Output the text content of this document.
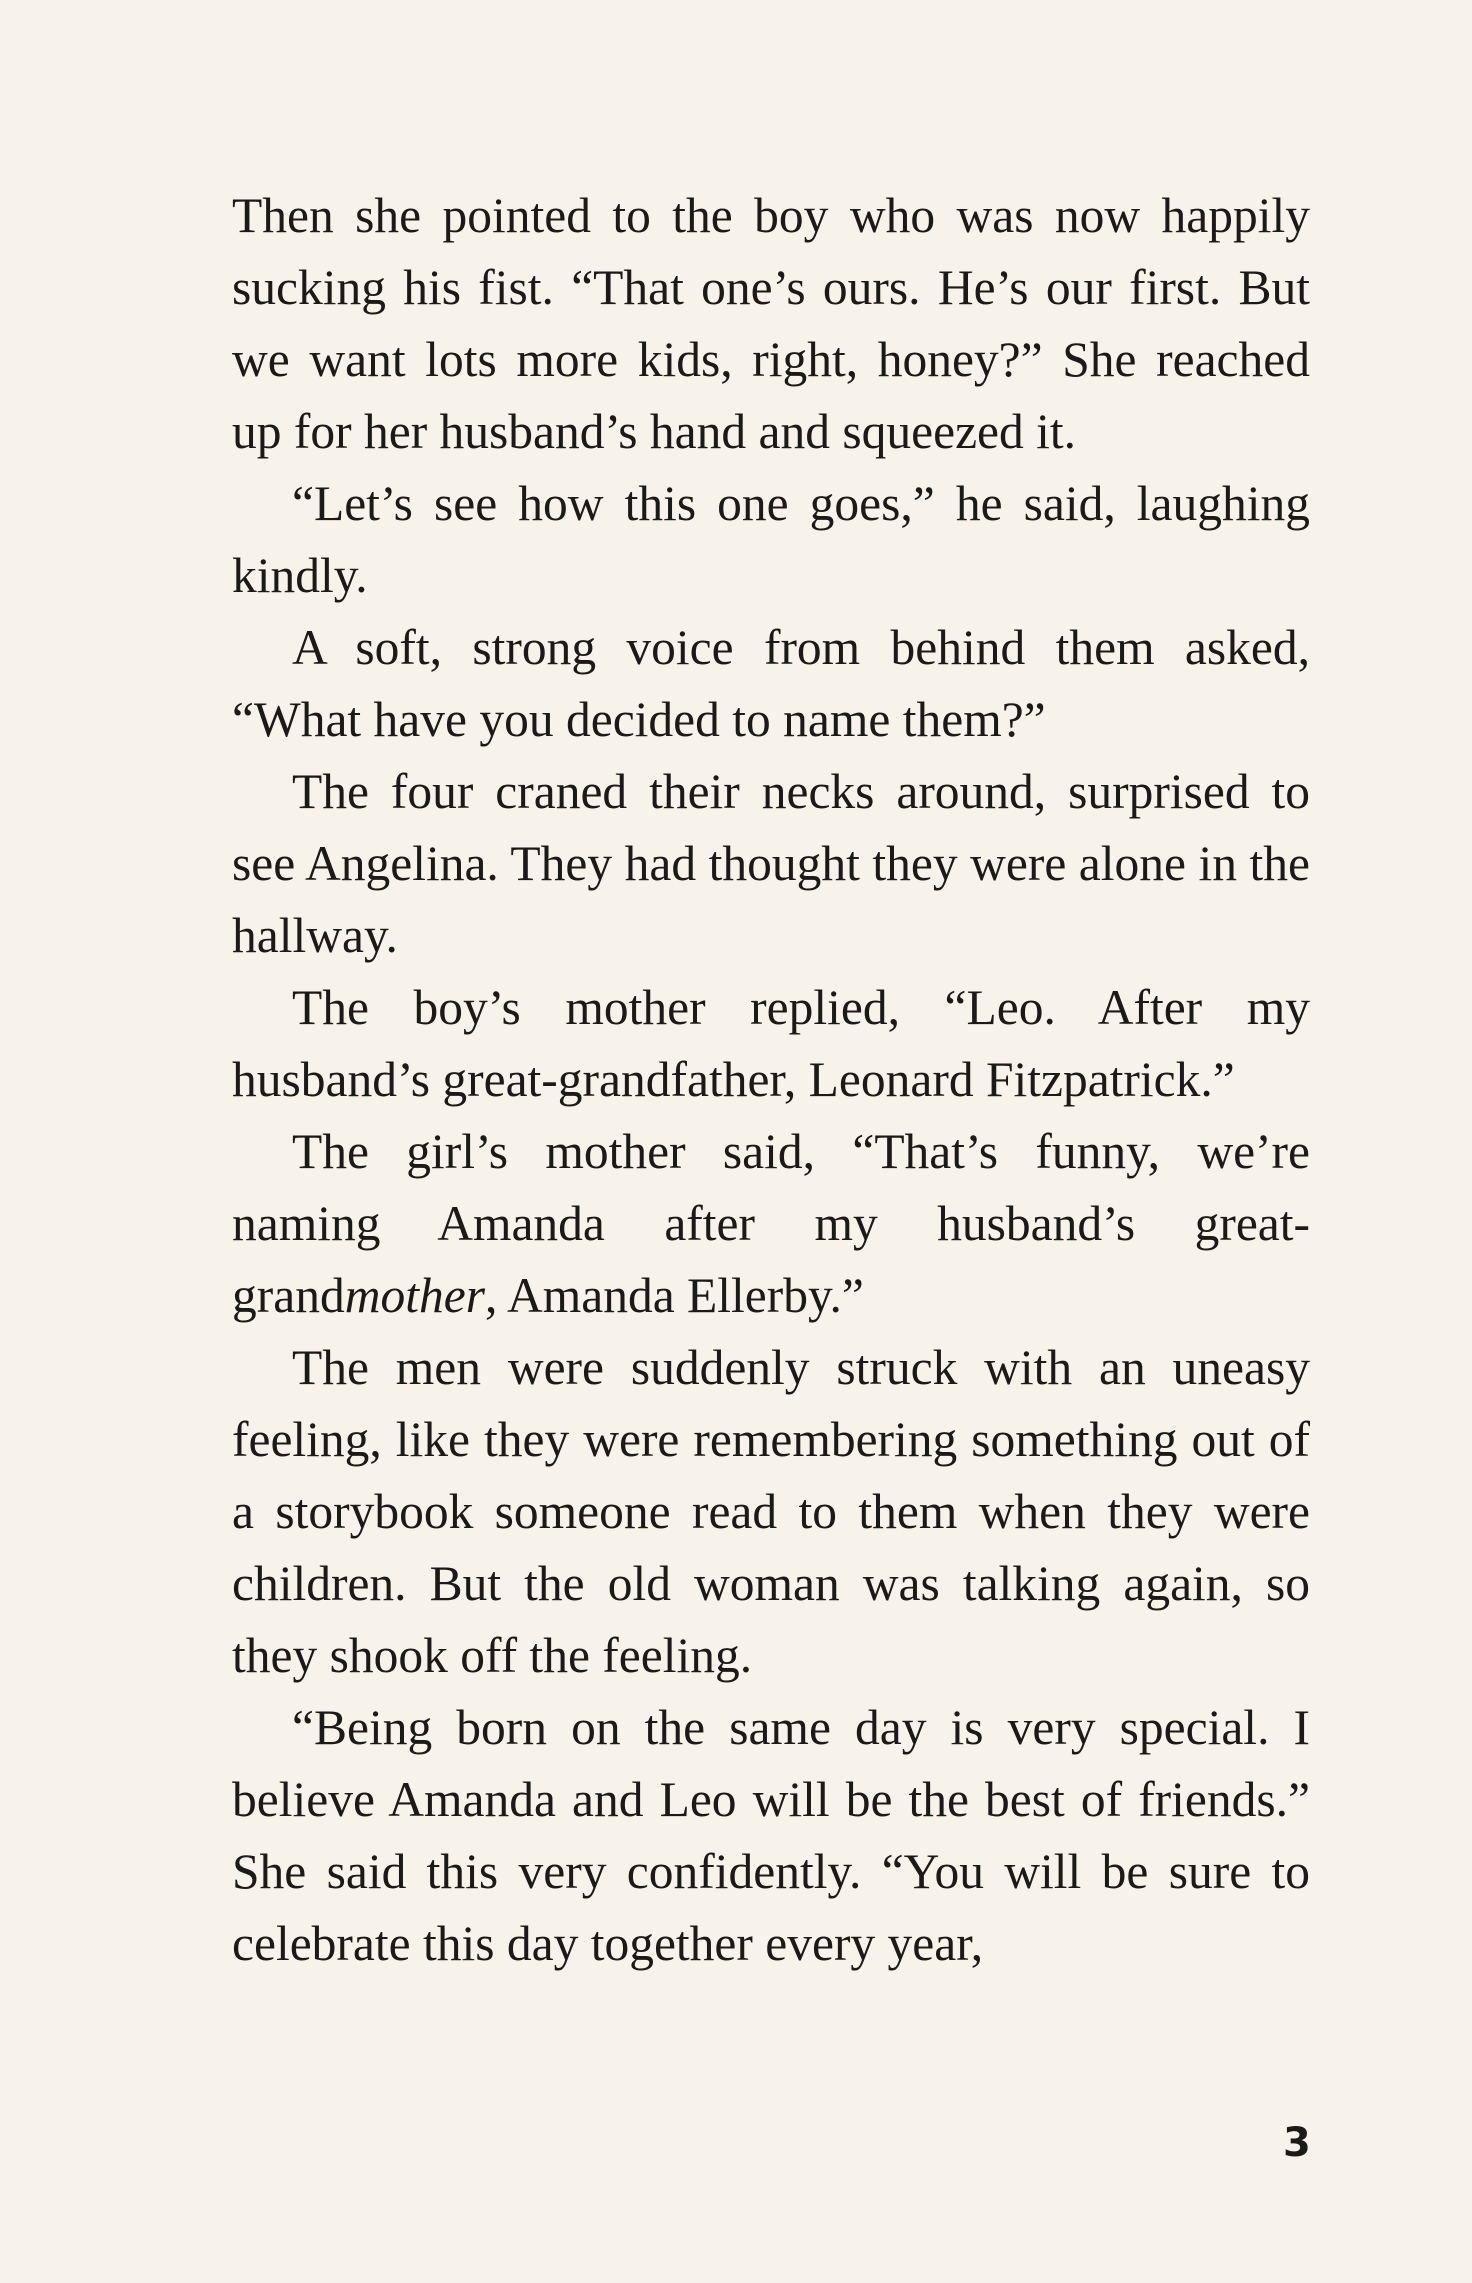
Then she pointed to the boy who was now happily sucking his fist. “That one’s ours. He’s our first. But we want lots more kids, right, honey?” She reached up for her husband’s hand and squeezed it.

“Let’s see how this one goes,” he said, laughing kindly.

A soft, strong voice from behind them asked, “What have you decided to name them?”

The four craned their necks around, surprised to see Angelina. They had thought they were alone in the hallway.

The boy’s mother replied, “Leo. After my husband’s great-grandfather, Leonard Fitzpatrick.”

The girl’s mother said, “That’s funny, we’re naming Amanda after my husband’s great-grandmother, Amanda Ellerby.”

The men were suddenly struck with an uneasy feeling, like they were remembering something out of a storybook someone read to them when they were children. But the old woman was talking again, so they shook off the feeling.

“Being born on the same day is very special. I believe Amanda and Leo will be the best of friends.” She said this very confidently. “You will be sure to celebrate this day together every year,

3
